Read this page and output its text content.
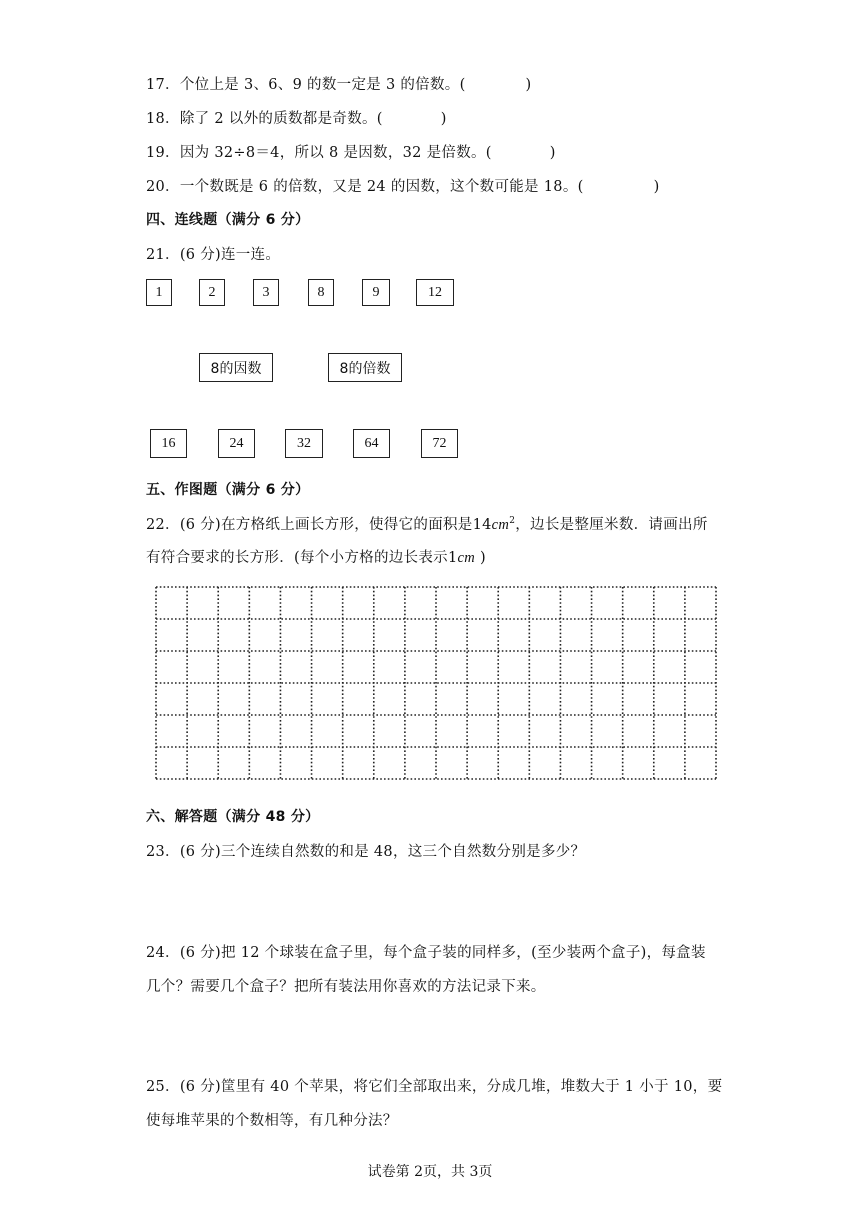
17．个位上是 3、6、9 的数一定是 3 的倍数。(	)
18．除了 2 以外的质数都是奇数。(	)
19．因为 32÷8＝4，所以 8 是因数，32 是倍数。(	)
20．一个数既是 6 的倍数，又是 24 的因数，这个数可能是 18。(	)
四、连线题（满分 6 分）
21．(6 分)连一连。
1	2	3	8	9	12
8的因数	8的倍数
16	24	32	64	72
五、作图题（满分 6 分）
22．(6 分)在方格纸上画长方形，使得它的面积是$14cm^2$，边长是整厘米数．请画出所
有符合要求的长方形．(每个小方格的边长表示1cm )
六、解答题（满分 48 分）
23．(6 分)三个连续自然数的和是 48，这三个自然数分别是多少？
24．(6 分)把 12 个球装在盒子里，每个盒子装的同样多，(至少装两个盒子)，每盒装
几个？需要几个盒子？把所有装法用你喜欢的方法记录下来。
25．(6 分)筐里有 40 个苹果，将它们全部取出来，分成几堆，堆数大于 1 小于 10，要
使每堆苹果的个数相等，有几种分法？
试卷第 2页，共 3页
